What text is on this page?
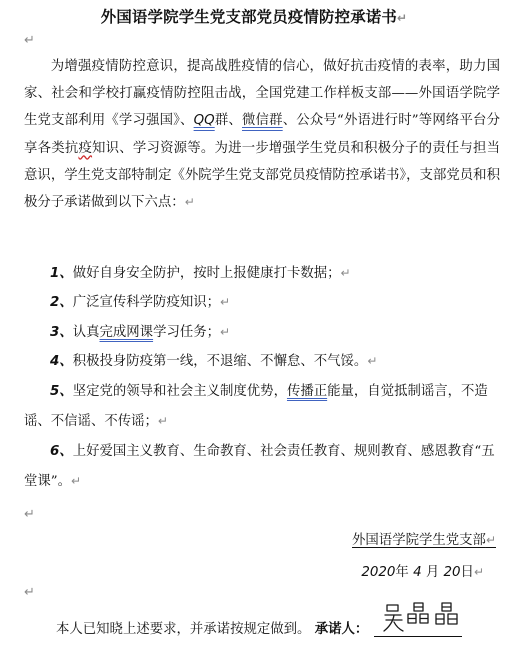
外国语学院学生党支部党员疫情防控承诺书↵
↵

为增强疫情防控意识，提高战胜疫情的信心，做好抗击疫情的表率，助力国家、社会和学校打赢疫情防控阻击战，全国党建工作样板支部——外国语学院学生党支部利用《学习强国》、QQ群、微信群、公众号“外语进行时”等网络平台分享各类抗疫知识、学习资源等。为进一步增强学生党员和积极分子的责任与担当意识，学生党支部特制定《外院学生党支部党员疫情防控承诺书》，支部党员和积极分子承诺做到以下六点：↵

1、做好自身安全防护，按时上报健康打卡数据；↵

2、广泛宣传科学防疫知识；↵

3、认真完成网课学习任务；↵

4、积极投身防疫第一线，不退缩、不懈怠、不气馁。↵

5、坚定党的领导和社会主义制度优势，传播正能量，自觉抵制谣言，不造谣、不信谣、不传谣；↵

6、上好爱国主义教育、生命教育、社会责任教育、规则教育、感恩教育“五堂课”。↵

↵
外国语学院学生党支部↵
2020年 4 月 20日↵
↵
本人已知晓上述要求，并承诺按规定做到。 承诺人：
